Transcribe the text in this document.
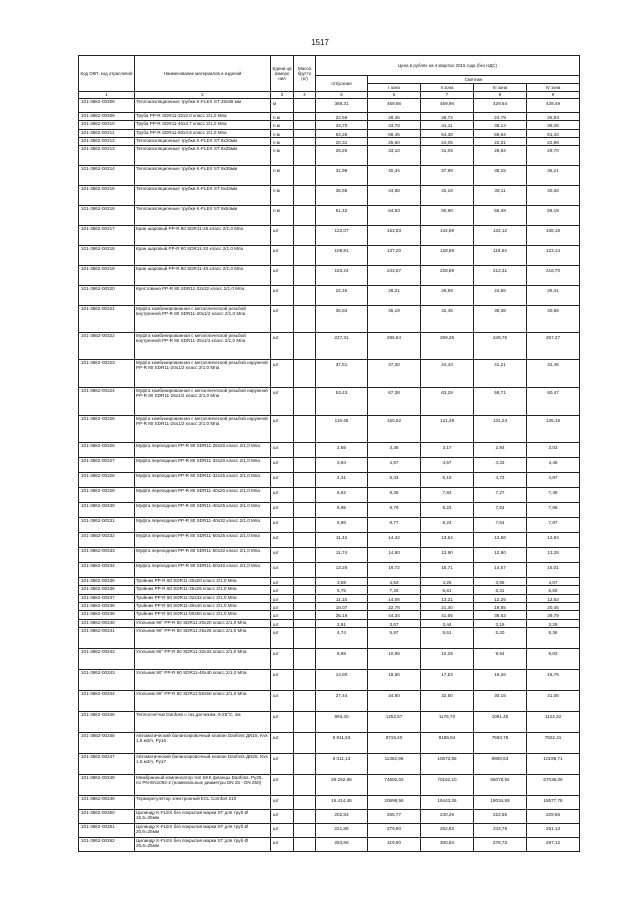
1517
Код ОКП, код отраслевой	Наименование материалов и изделий	Едини ца измере ния	Масса брутто (кг)	Цена в рублях на 4 квартал 2015 года (без НДС)				
				отпускная	Сметная			
					I зона	II зона	III зона	IV зона
1	2	3	4	5	6	7	8	9
101-3862-00308	Теплоизоляционные трубки K-FLEX ST 25х89 мм	м		388,31	469,86	459,96	429,64	439,49

101-3862-00309	Труба PP-R SDR11-32х3,0 класс 2/1,0 Мпа	п.м		22,56	28,45	26,72	24,79	25,53

101-3862-00310	Труба PP-R SDR11-40х3,7 класс 2/1,0 Мпа	п.м		34,70	43,78	41,11	38,13	39,28

101-3862-00311	Труба PP-R SDR11-50х4,6 класс 2/1,0 Мпа	п.м		54,26	68,45	64,30	59,64	61,43

101-3862-00312	Теплоизоляционные трубки K-FLEX ST 6х20мм	п.м		20,31	25,60	24,05	22,31	22,98

101-3862-00313	Теплоизоляционные трубки K-FLEX ST 6х25мм	п.м		26,25	33,10	31,09	28,84	29,70

101-3862-00314	Теплоизоляционные трубки K-FLEX ST 9х35мм	п.м		31,99	40,34	37,89	35,15	36,21

101-3862-00315	Теплоизоляционные трубки K-FLEX ST 9х42мм	п.м		35,58	44,88	42,16	39,11	40,28

101-3862-00316	Теплоизоляционные трубки K-FLEX ST 9х54мм	п.м		51,42	64,83	60,90	56,49	58,19

101-3862-00317	Кран шаровый PP-R 80 SDR11-25 класс 2/1,0 Мпа	шт		122,07	153,93	144,59	134,12	138,16

101-3862-00318	Кран шаровый PP-R 80 SDR11-32 класс 2/1,0 Мпа	шт		108,81	137,20	128,88	119,54	123,14

101-3862-00319	Кран шаровый PP-R 80 SDR11-40 класс 2/1,0 Мпа	шт		193,24	243,67	228,89	212,31	218,70

101-3862-00320	Крестовина PP-R 80 SDR11-32х32 класс 2/1,0 Мпа	шт		22,45	28,31	26,59	24,66	25,41

101-3862-00321	Муфта комбинированная с металлической резьбой внутренней PP-R 80 SDR11-20х1/2 класс 2/1,0 Мпа	шт		35,84	45,19	42,45	39,38	40,56

101-3862-00322	Муфта комбинированная с металлической резьбой внутренней PP-R 80 SDR11-25х1/2 класс 2/1,0 Мпа	шт		227,31	286,64	269,25	249,75	257,27

101-3862-00323	Муфта комбинированная с металлической резьбой наружной PP-R 80 SDR11-20х1/2 класс 2/1,0 Мпа	шт		37,51	47,30	44,43	41,21	42,45

101-3862-00324	Муфта комбинированная с металлической резьбой наружной PP-R 80 SDR11-25х1/2 класс 2/1,0 Мпа	шт		53,43	67,38	63,29	58,71	60,47

101-3862-00325	Муфта комбинированная с металлической резьбой наружной PP-R 80 SDR11-25х1/2 класс 2/1,0 Мпа	шт		119,45	150,62	141,49	131,24	135,19

101-3862-00326	Муфта переходная PP-R 80 SDR11-25х20 класс 2/1,0 Мпа	шт		2,68	3,38	3,17	2,94	3,03

101-3862-00327	Муфта переходная PP-R 80 SDR11-32х20 класс 2/1,0 Мпа	шт		3,94	4,97	4,67	4,33	4,46

101-3862-00328	Муфта переходная PP-R 80 SDR11-32х25 класс 2/1,0 Мпа	шт		4,31	5,43	5,10	4,73	4,87

101-3862-00329	Муфта переходная PP-R 80 SDR11-40х20 класс 2/1,0 Мпа	шт		6,62	8,35	7,84	7,27	7,49

101-3862-00330	Муфта переходная PP-R 80 SDR11-40х25 класс 2/1,0 Мпа	шт		6,95	8,76	8,23	7,64	7,86

101-3862-00331	Муфта переходная PP-R 80 SDR11-40х32 класс 2/1,0 Мпа	шт		6,96	8,77	8,24	7,64	7,87

101-3862-00332	Муфта переходная PP-R 80 SDR11-50х25 класс 2/1,0 Мпа	шт		11,43	14,42	13,54	12,56	12,94

101-3862-00333	Муфта переходная PP-R 80 SDR11-50х32 класс 2/1,0 Мпа	шт		11,74	14,80	13,90	12,90	13,28

101-3862-00334	Муфта переходная PP-R 80 SDR11-50х40 класс 2/1,0 Мпа	шт		13,26	16,72	15,71	14,57	15,01

101-3862-00335	Тройник PP-R 80 SDR11-20х20 класс 2/1,0 Мпа	шт		3,59	4,53	4,26	3,95	4,07

101-3862-00336	Тройник PP-R 80 SDR11-25х25 класс 2/1,0 Мпа	шт		5,75	7,25	6,81	6,31	6,50

101-3862-00337	Тройник PP-R 80 SDR11-32х32 класс 2/1,0 Мпа	шт		11,15	14,06	13,21	12,25	12,62

101-3862-00338	Тройник PP-R 80 SDR11-40х40 класс 2/1,0 Мпа	шт		18,07	22,78	21,40	19,85	20,45

101-3862-00339	Тройник PP-R 80 SDR11-50х50 класс 2/1,0 Мпа	шт		35,16	44,34	41,65	38,63	39,79

101-3862-00340	Угольник 90° PP-R 80 SDR11-20х20 класс 2/1,0 Мпа	шт		2,91	3,67	3,44	3,19	3,29

101-3862-00341	Угольник 90° PP-R 80 SDR11-25х25 класс 2/1,0 Мпа	шт		4,74	5,97	5,61	5,20	5,36

101-3862-00342	Угольник 90° PP-R 80 SDR11-32х32 класс 2/1,0 Мпа	шт		8,69	10,95	10,29	9,54	9,83

101-3862-00343	Угольник 90° PP-R 80 SDR11-40х40 класс 2/1,0 Мпа	шт		14,80	18,66	17,53	16,26	16,75

101-3862-00344	Угольник 90° PP-R 80 SDR11-50х50 класс 2/1,0 Мпа	шт		27,44	34,60	32,50	30,15	31,06

101-3862-00345	Теплосчетчик Danfoss с газ.датчиком, 5-28°С, 2м	шт		993,40	1252,67	1176,70	1091,45	1124,32

101-3862-00346	Автоматический балансировочный клапан Danfoss ДN15, Kvs 1,6 м3/ч, Ру16	шт		6 911,53	8715,40	8186,84	7593,78	7822,41

101-3862-00347	Автоматический балансировочный клапан Danfoss ДN25, Kvs 1,6 м3/ч, Ру17	шт		9 011,13	11362,98	10673,85	9900,63	10198,71

101-3862-00348	Мембранный компенсатор тип SKK фланцы Danfoss, Ру25, по PN-EN1092-2 (номинальные диаметры DN 25 - DN 250)	шт		59 252,68	74692,02	70162,10	65078,92	67038,06

101-3862-00349	Терморегулятор электронный ECL Comfort 210	шт		16 414,48	20698,56	19443,26	18034,59	18577,76

101-3862-00350	Цилиндр K-FLEX без покрытия марки ST для труб Ø 15,5=25мм	шт		202,83	255,77	240,26	222,85	229,56

101-3862-00351	Цилиндр K-FLEX без покрытия марки ST для труб Ø 20,6=25мм	шт		221,89	279,80	262,83	243,79	251,13

101-3862-00352	Цилиндр K-FLEX без покрытия марки ST для труб Ø 25,6=25мм	шт		253,69	319,90	300,50	278,73	287,12
